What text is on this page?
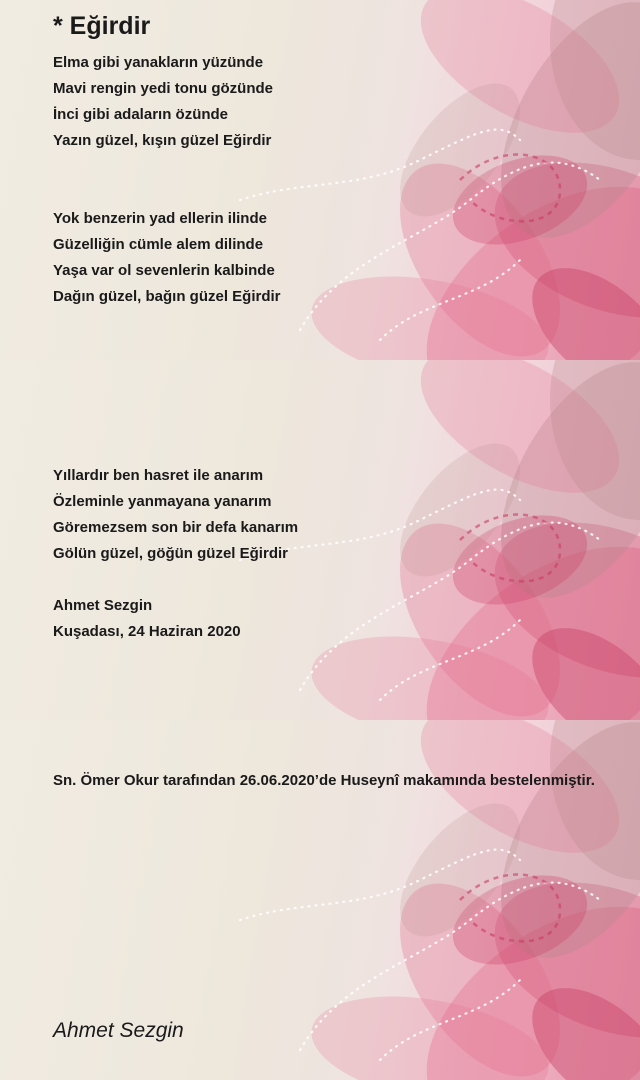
* Eğirdir
Elma gibi yanakların yüzünde
Mavi rengin yedi tonu gözünde
İnci gibi adaların özünde
Yazın güzel, kışın güzel Eğirdir
Yok benzerin yad ellerin ilinde
Güzelliğin cümle alem dilinde
Yaşa var ol sevenlerin kalbinde
Dağın güzel, bağın güzel Eğirdir
Yıllardır ben hasret ile anarım
Özleminle yanmayana yanarım
Göremezsem son bir defa kanarım
Gölün güzel, göğün güzel Eğirdir
Ahmet Sezgin
Kuşadası, 24 Haziran 2020
Sn. Ömer Okur tarafından 26.06.2020’de Huseynî makamında bestelenmiştir.
Ahmet Sezgin
